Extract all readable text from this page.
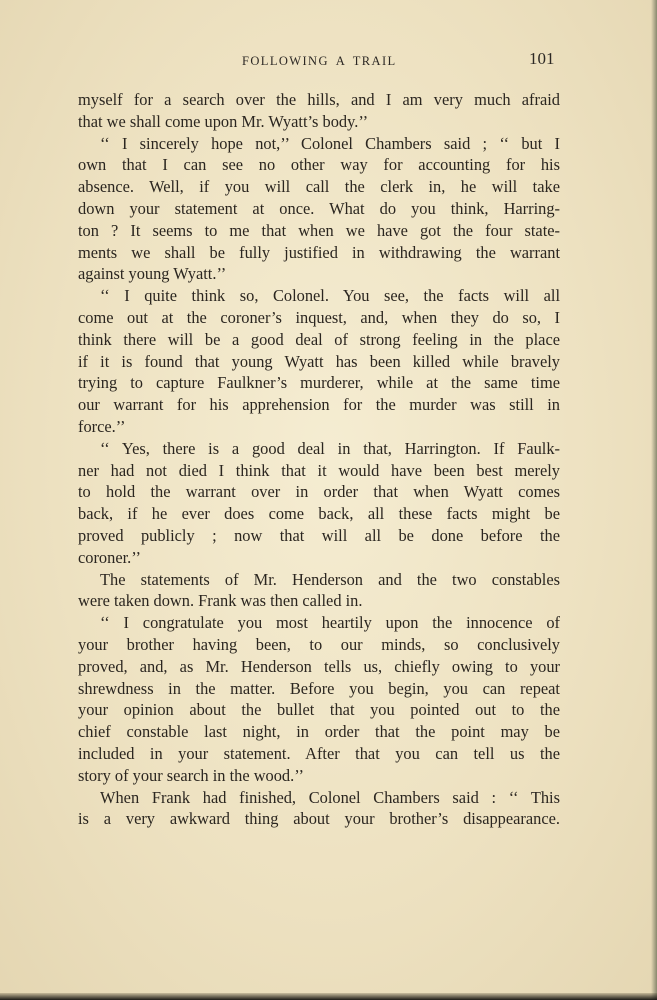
FOLLOWING A TRAIL	101
myself for a search over the hills, and I am very much afraid
that we shall come upon Mr. Wyatt’s body.’’
‘‘ I sincerely hope not,’’ Colonel Chambers said ; ‘‘ but I
own that I can see no other way for accounting for his
absence. Well, if you will call the clerk in, he will take
down your statement at once. What do you think, Harring-
ton ? It seems to me that when we have got the four state-
ments we shall be fully justified in withdrawing the warrant
against young Wyatt.’’
‘‘ I quite think so, Colonel. You see, the facts will all
come out at the coroner’s inquest, and, when they do so, I
think there will be a good deal of strong feeling in the place
if it is found that young Wyatt has been killed while bravely
trying to capture Faulkner’s murderer, while at the same time
our warrant for his apprehension for the murder was still in
force.’’
‘‘ Yes, there is a good deal in that, Harrington. If Faulk-
ner had not died I think that it would have been best merely
to hold the warrant over in order that when Wyatt comes
back, if he ever does come back, all these facts might be
proved publicly ; now that will all be done before the
coroner.’’
The statements of Mr. Henderson and the two constables
were taken down. Frank was then called in.
‘‘ I congratulate you most heartily upon the innocence of
your brother having been, to our minds, so conclusively
proved, and, as Mr. Henderson tells us, chiefly owing to your
shrewdness in the matter. Before you begin, you can repeat
your opinion about the bullet that you pointed out to the
chief constable last night, in order that the point may be
included in your statement. After that you can tell us the
story of your search in the wood.’’
When Frank had finished, Colonel Chambers said : ‘‘ This
is a very awkward thing about your brother’s disappearance.
